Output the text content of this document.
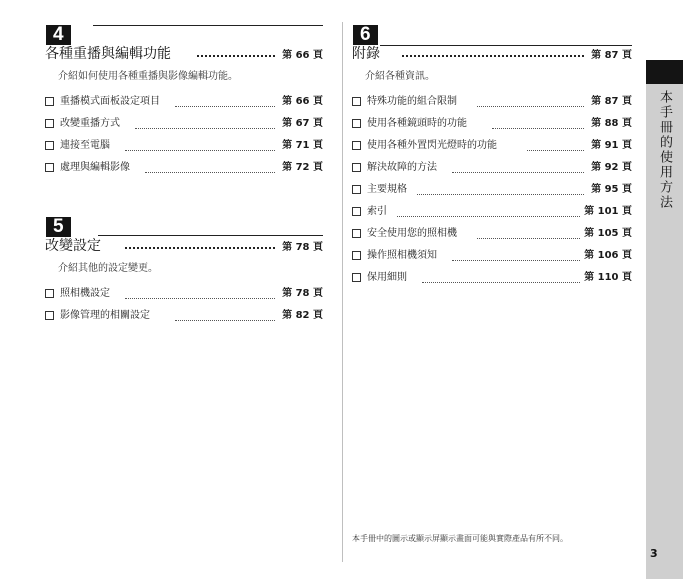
4
各種重播與編輯功能	第 66 頁
介紹如何使用各種重播與影像編輯功能。
重播模式面板設定項目	第 66 頁
改變重播方式	第 67 頁
連接至電腦	第 71 頁
處理與編輯影像	第 72 頁
5
改變設定	第 78 頁
介紹其他的設定變更。
照相機設定	第 78 頁
影像管理的相關設定	第 82 頁
6
附錄	第 87 頁
介紹各種資訊。
特殊功能的組合限制	第 87 頁
使用各種鏡頭時的功能	第 88 頁
使用各種外置閃光燈時的功能	第 91 頁
解決故障的方法	第 92 頁
主要規格	第 95 頁
索引	第 101 頁
安全使用您的照相機	第 105 頁
操作照相機須知	第 106 頁
保用細則	第 110 頁
本手冊中的圖示或顯示屏顯示畫面可能與實際產品有所不同。
本手冊的使用方法
3
